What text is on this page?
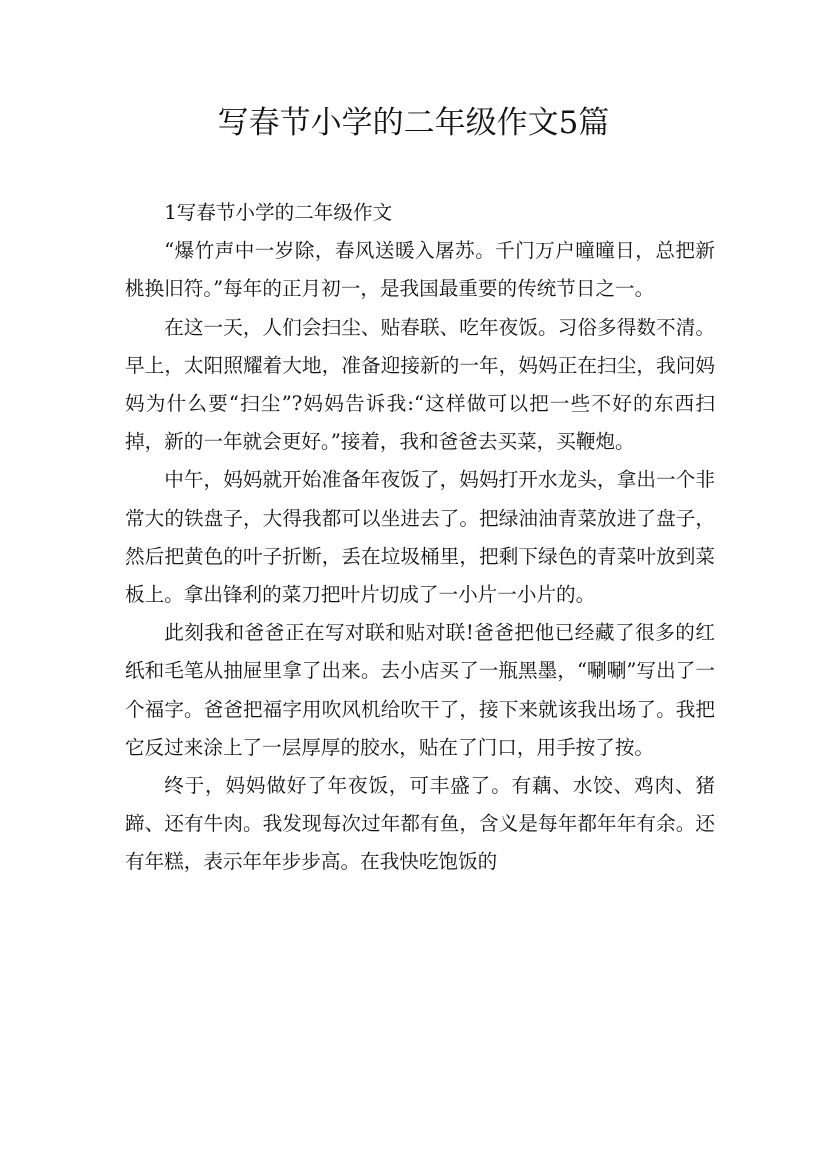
写春节小学的二年级作文5篇

1写春节小学的二年级作文

“爆竹声中一岁除，春风送暖入屠苏。千门万户曈曈日，总把新桃换旧符。”每年的正月初一，是我国最重要的传统节日之一。

在这一天，人们会扫尘、贴春联、吃年夜饭。习俗多得数不清。早上，太阳照耀着大地，准备迎接新的一年，妈妈正在扫尘，我问妈妈为什么要“扫尘”?妈妈告诉我:“这样做可以把一些不好的东西扫掉，新的一年就会更好。”接着，我和爸爸去买菜，买鞭炮。

中午，妈妈就开始准备年夜饭了，妈妈打开水龙头，拿出一个非常大的铁盘子，大得我都可以坐进去了。把绿油油青菜放进了盘子，然后把黄色的叶子折断，丢在垃圾桶里，把剩下绿色的青菜叶放到菜板上。拿出锋利的菜刀把叶片切成了一小片一小片的。

此刻我和爸爸正在写对联和贴对联!爸爸把他已经藏了很多的红纸和毛笔从抽屉里拿了出来。去小店买了一瓶黑墨，“唰唰”写出了一个福字。爸爸把福字用吹风机给吹干了，接下来就该我出场了。我把它反过来涂上了一层厚厚的胶水，贴在了门口，用手按了按。

终于，妈妈做好了年夜饭，可丰盛了。有藕、水饺、鸡肉、猪蹄、还有牛肉。我发现每次过年都有鱼，含义是每年都年年有余。还有年糕，表示年年步步高。在我快吃饱饭的
